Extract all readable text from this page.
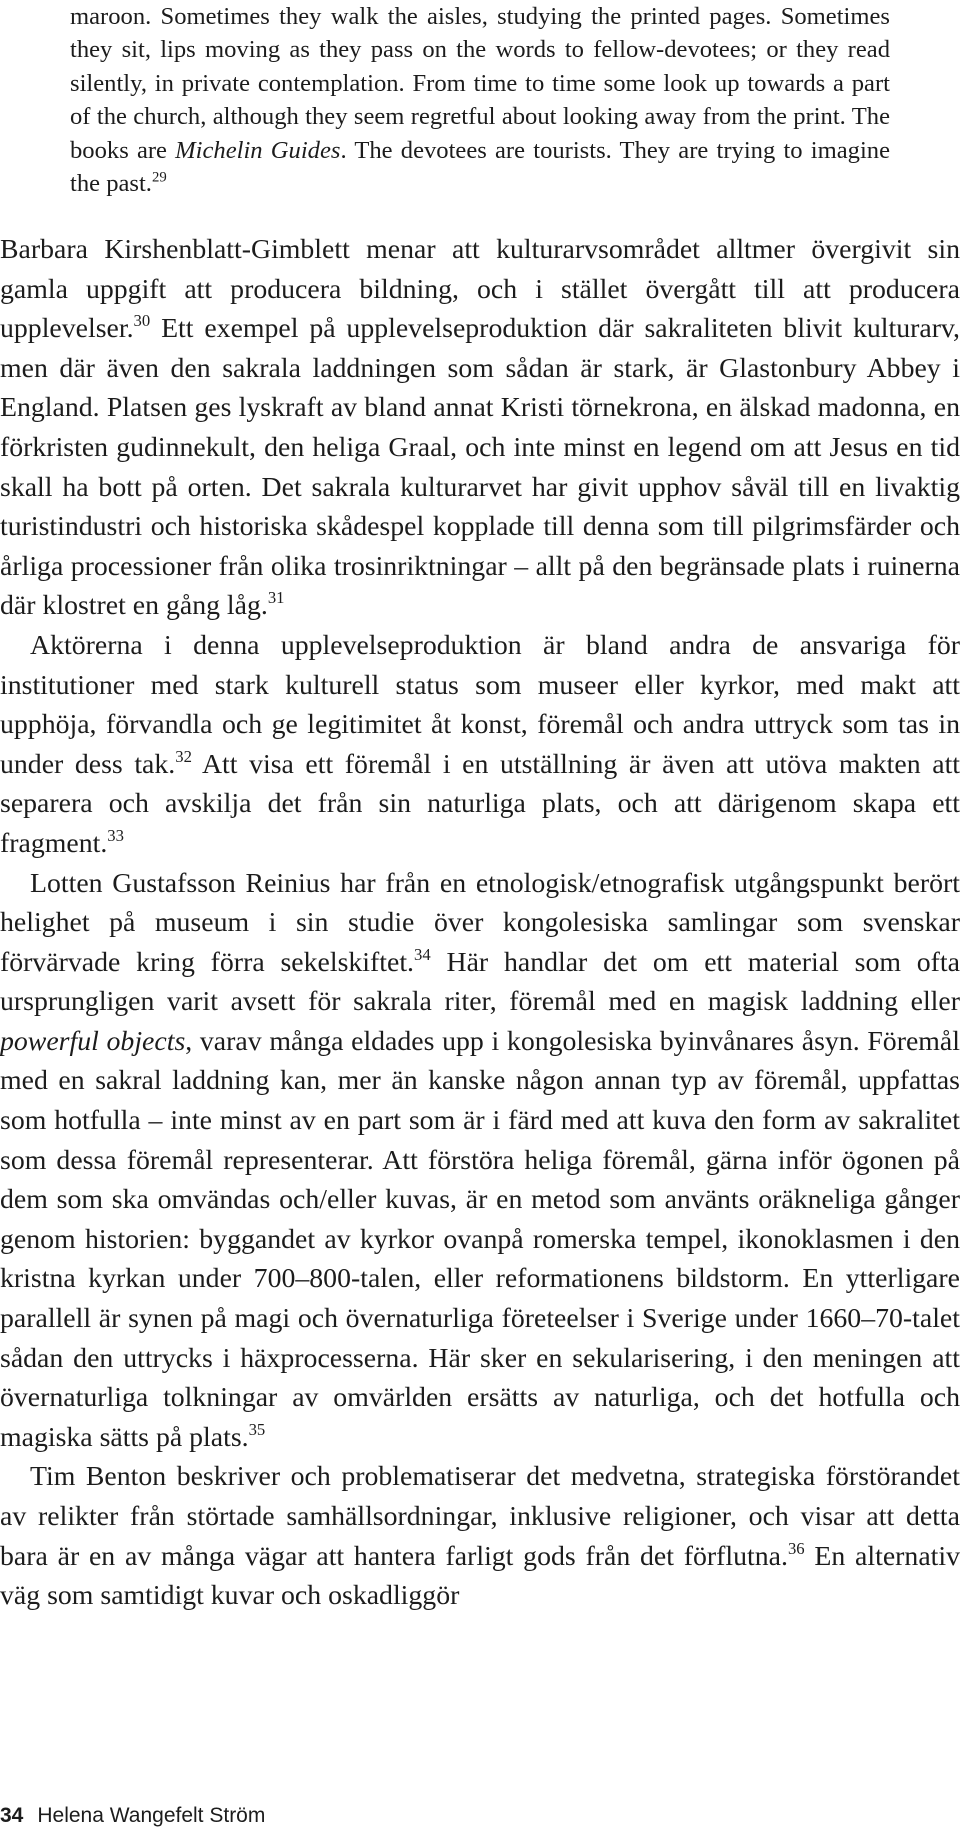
maroon. Sometimes they walk the aisles, studying the printed pages. Sometimes they sit, lips moving as they pass on the words to fellow-devotees; or they read silently, in private contemplation. From time to time some look up towards a part of the church, although they seem regretful about looking away from the print. The books are Michelin Guides. The devotees are tourists. They are trying to imagine the past.$^{29}$

Barbara Kirshenblatt-Gimblett menar att kulturarvsområdet alltmer övergivit sin gamla uppgift att producera bildning, och i stället övergått till att producera upplevelser.$^{30}$ Ett exempel på upplevelseproduktion där sakraliteten blivit kulturarv, men där även den sakrala laddningen som sådan är stark, är Glastonbury Abbey i England. Platsen ges lyskraft av bland annat Kristi törnekrona, en älskad madonna, en förkristen gudinnekult, den heliga Graal, och inte minst en legend om att Jesus en tid skall ha bott på orten. Det sakrala kulturarvet har givit upphov såväl till en livaktig turistindustri och historiska skådespel kopplade till denna som till pilgrimsfärder och årliga processioner från olika trosinriktningar – allt på den begränsade plats i ruinerna där klostret en gång låg.$^{31}$

Aktörerna i denna upplevelseproduktion är bland andra de ansvariga för institutioner med stark kulturell status som museer eller kyrkor, med makt att upphöja, förvandla och ge legitimitet åt konst, föremål och andra uttryck som tas in under dess tak.$^{32}$ Att visa ett föremål i en utställning är även att utöva makten att separera och avskilja det från sin naturliga plats, och att därigenom skapa ett fragment.$^{33}$

Lotten Gustafsson Reinius har från en etnologisk/etnografisk utgångspunkt berört helighet på museum i sin studie över kongolesiska samlingar som svenskar förvärvade kring förra sekelskiftet.$^{34}$ Här handlar det om ett material som ofta ursprungligen varit avsett för sakrala riter, föremål med en magisk laddning eller powerful objects, varav många eldades upp i kongolesiska byinvånares åsyn. Föremål med en sakral laddning kan, mer än kanske någon annan typ av föremål, uppfattas som hotfulla – inte minst av en part som är i färd med att kuva den form av sakralitet som dessa föremål representerar. Att förstöra heliga föremål, gärna inför ögonen på dem som ska omvändas och/eller kuvas, är en metod som använts oräkneliga gånger genom historien: byggandet av kyrkor ovanpå romerska tempel, ikonoklasmen i den kristna kyrkan under 700–800-talen, eller reformationens bildstorm. En ytterligare parallell är synen på magi och övernaturliga företeelser i Sverige under 1660–70-talet sådan den uttrycks i häxprocesserna. Här sker en sekularisering, i den meningen att övernaturliga tolkningar av omvärlden ersätts av naturliga, och det hotfulla och magiska sätts på plats.$^{35}$

Tim Benton beskriver och problematiserar det medvetna, strategiska förstörandet av relikter från störtade samhällsordningar, inklusive religioner, och visar att detta bara är en av många vägar att hantera farligt gods från det förflutna.$^{36}$ En alternativ väg som samtidigt kuvar och oskadliggör

34 Helena Wangefelt Ström
